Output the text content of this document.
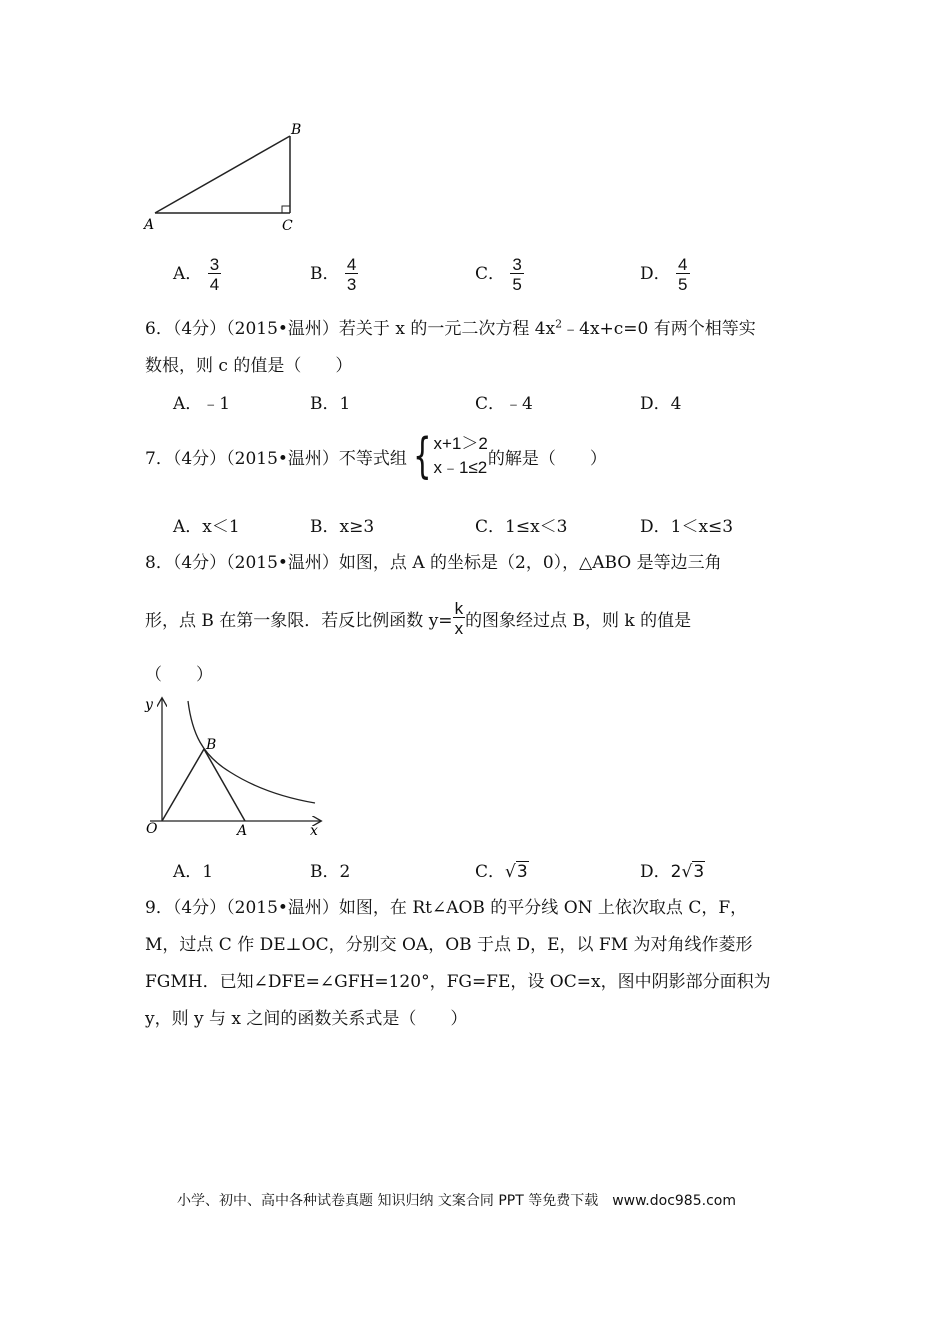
A
B
C
A． $\frac{3}{4}$	B． $\frac{4}{3}$	C． $\frac{3}{5}$	D． $\frac{4}{5}$
6．（4分）（2015•温州）若关于 x 的一元二次方程 $4x^2﹣4x+c=0$ 有两个相等实
数根，则 c 的值是（　　）
A．﹣1	B．1	C．﹣4	D．4
7．（4分）（2015•温州）不等式组 { x+1＞2
x﹣1≤2 的解是（　　）
A．x＜1	B．x≥3	C．1≤x＜3	D．1＜x≤3
8．（4分）（2015•温州）如图，点 A 的坐标是（2，0），△ABO 是等边三角
形，点 B 在第一象限．若反比例函数 $y= \frac{k}{x}$ 的图象经过点 B，则 k 的值是
（　　）
y
x
O	A
B
A．1	B．2	C．√3	D．2√3
9．（4分）（2015•温州）如图，在 Rt∠AOB 的平分线 ON 上依次取点 C，F，
M，过点 C 作 DE⊥OC，分别交 OA，OB 于点 D，E，以 FM 为对角线作菱形
FGMH．已知∠DFE=∠GFH=120°，FG=FE，设 OC=x，图中阴影部分面积为
y，则 y 与 x 之间的函数关系式是（　　）
小学、初中、高中各种试卷真题 知识归纳 文案合同 PPT 等免费下载　www.doc985.com
